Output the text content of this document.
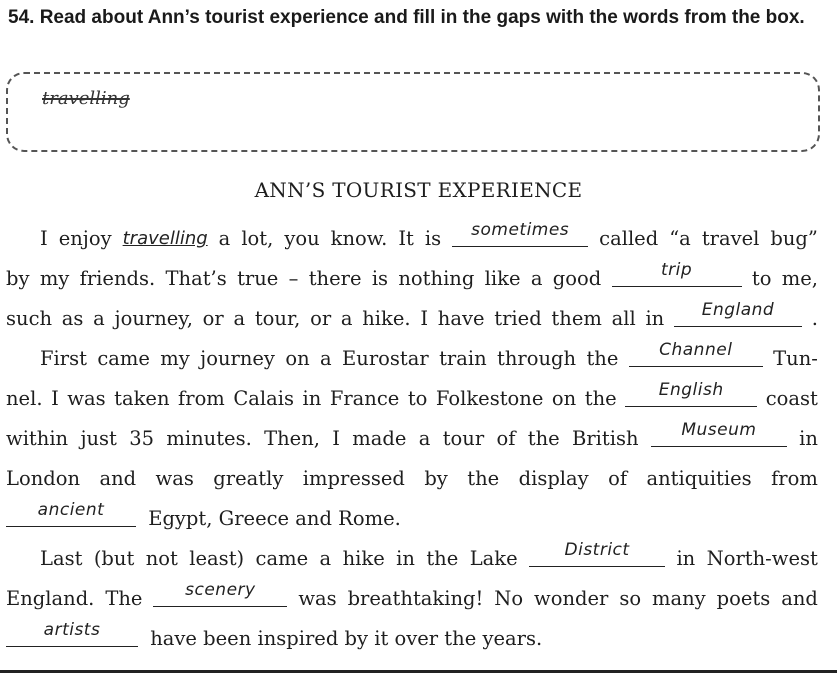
54. Read about Ann’s tourist experience and fill in the gaps with the words from the box.
travelling
ANN’S TOURIST EXPERIENCE
I enjoy travelling a lot, you know. It is	sometimes	called “a travel bug”
by my friends. That’s true – there is nothing like a good	trip	to me,
such as a journey, or a tour, or a hike. I have tried them all in	England	.
First came my journey on a Eurostar train through the	Channel	Tun-
nel. I was taken from Calais in France to Folkestone on the	English	coast
within just 35 minutes. Then, I made a tour of the British	Museum	in
London and was greatly impressed by the display of antiquities from
ancient Egypt, Greece and Rome.
Last (but not least) came a hike in the Lake	District	in North-west
England. The	scenery	was breathtaking! No wonder so many poets and
artists	have been inspired by it over the years.
